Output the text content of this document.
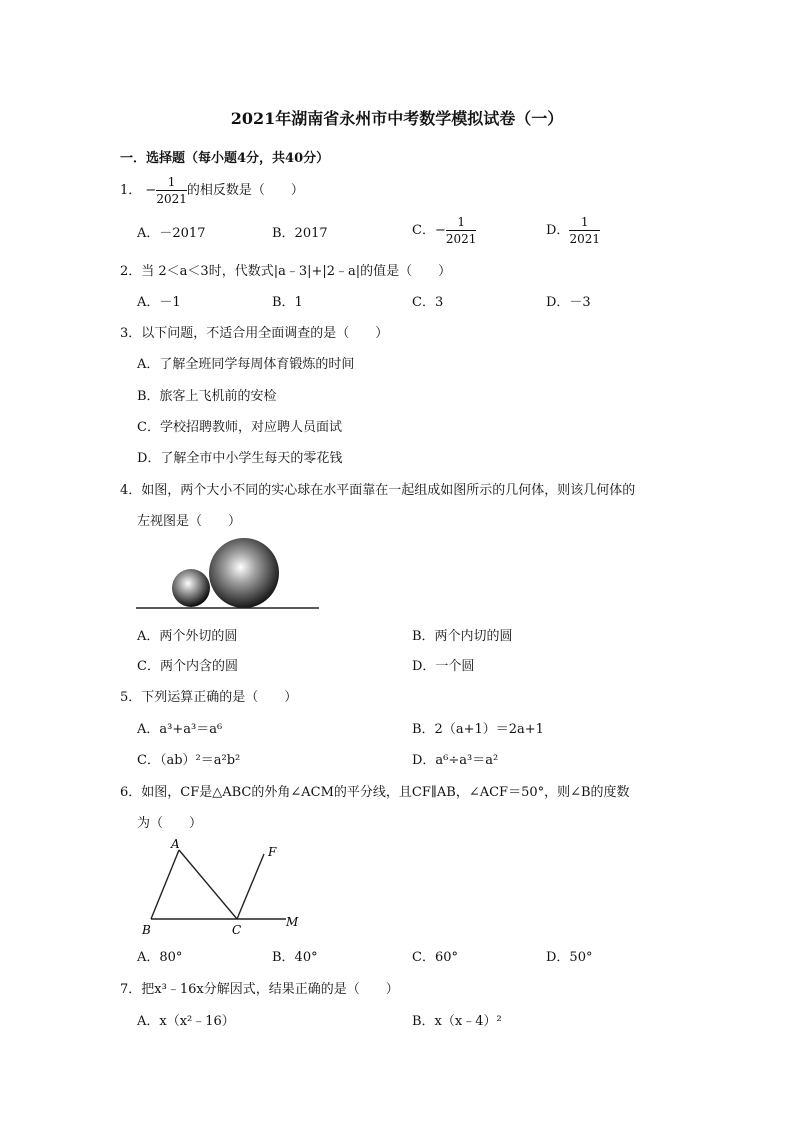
2021年湖南省永州市中考数学模拟试卷（一）
一．选择题（每小题4分，共40分）
1． − $\frac{1}{2021}$ 的相反数是（　　）
A．－2017	B．2017	C．− $\frac{1}{2021}$	D． $\frac{1}{2021}$
2．当 2＜a＜3时，代数式|a﹣3|+|2﹣a|的值是（　　）
A．－1	B．1	C．3	D．－3
3．以下问题，不适合用全面调查的是（　　）
A．了解全班同学每周体育锻炼的时间
B．旅客上飞机前的安检
C．学校招聘教师，对应聘人员面试
D．了解全市中小学生每天的零花钱
4．如图，两个大小不同的实心球在水平面靠在一起组成如图所示的几何体，则该几何体的
左视图是（　　）
A．两个外切的圆	B．两个内切的圆
C．两个内含的圆	D．一个圆
5．下列运算正确的是（　　）
A．a³+a³＝a⁶	B．2（a+1）＝2a+1
C．（ab）²＝a²b²	D．a⁶÷a³＝a²
6．如图，CF是△ABC的外角∠ACM的平分线，且CF∥AB，∠ACF＝50°，则∠B的度数
为（　　）
A
B	C
F
M
A．80°	B．40°	C．60°	D．50°
7．把x³﹣16x分解因式，结果正确的是（　　）
A．x（x²﹣16）	B．x（x﹣4）²
